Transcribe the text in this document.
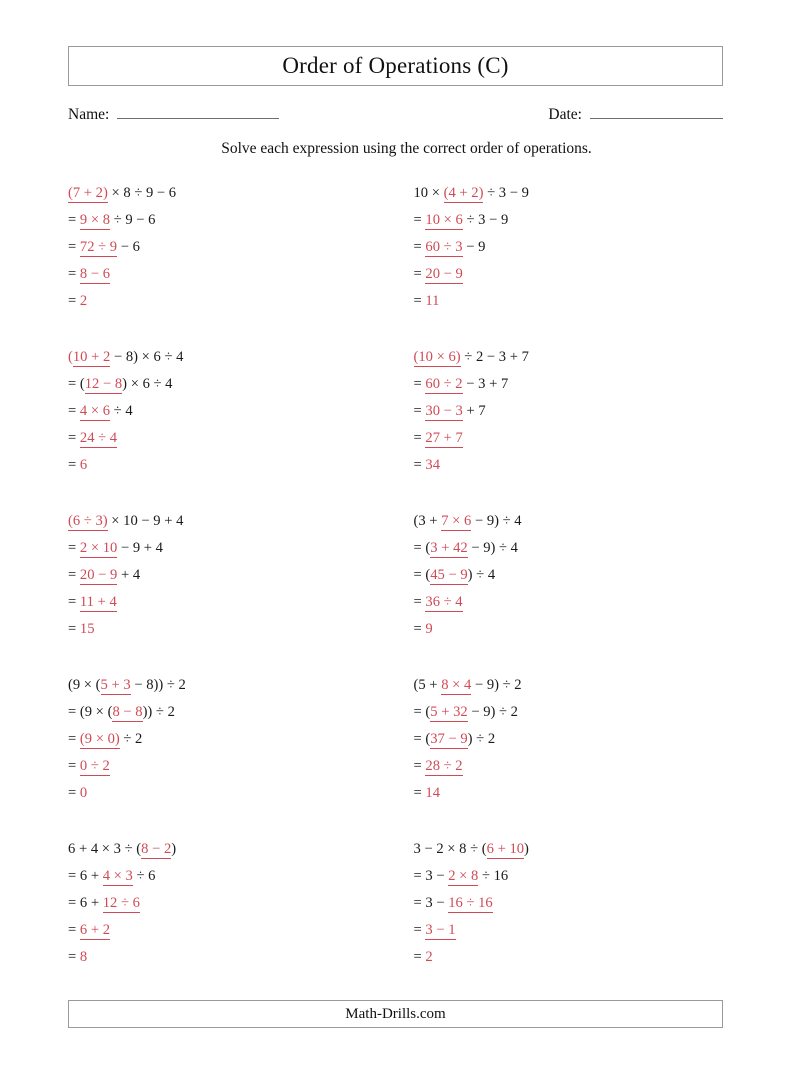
Order of Operations (C)
Name:	Date:
Solve each expression using the correct order of operations.
(7 + 2) × 8 ÷ 9 − 6
= 9 × 8 ÷ 9 − 6
= 72 ÷ 9 − 6
= 8 − 6
= 2
10 × (4 + 2) ÷ 3 − 9
= 10 × 6 ÷ 3 − 9
= 60 ÷ 3 − 9
= 20 − 9
= 11
(10 + 2 − 8) × 6 ÷ 4
= (12 − 8) × 6 ÷ 4
= 4 × 6 ÷ 4
= 24 ÷ 4
= 6
(10 × 6) ÷ 2 − 3 + 7
= 60 ÷ 2 − 3 + 7
= 30 − 3 + 7
= 27 + 7
= 34
(6 ÷ 3) × 10 − 9 + 4
= 2 × 10 − 9 + 4
= 20 − 9 + 4
= 11 + 4
= 15
(3 + 7 × 6 − 9) ÷ 4
= (3 + 42 − 9) ÷ 4
= (45 − 9) ÷ 4
= 36 ÷ 4
= 9
(9 × (5 + 3 − 8)) ÷ 2
= (9 × (8 − 8)) ÷ 2
= (9 × 0) ÷ 2
= 0 ÷ 2
= 0
(5 + 8 × 4 − 9) ÷ 2
= (5 + 32 − 9) ÷ 2
= (37 − 9) ÷ 2
= 28 ÷ 2
= 14
6 + 4 × 3 ÷ (8 − 2)
= 6 + 4 × 3 ÷ 6
= 6 + 12 ÷ 6
= 6 + 2
= 8
3 − 2 × 8 ÷ (6 + 10)
= 3 − 2 × 8 ÷ 16
= 3 − 16 ÷ 16
= 3 − 1
= 2
Math-Drills.com
